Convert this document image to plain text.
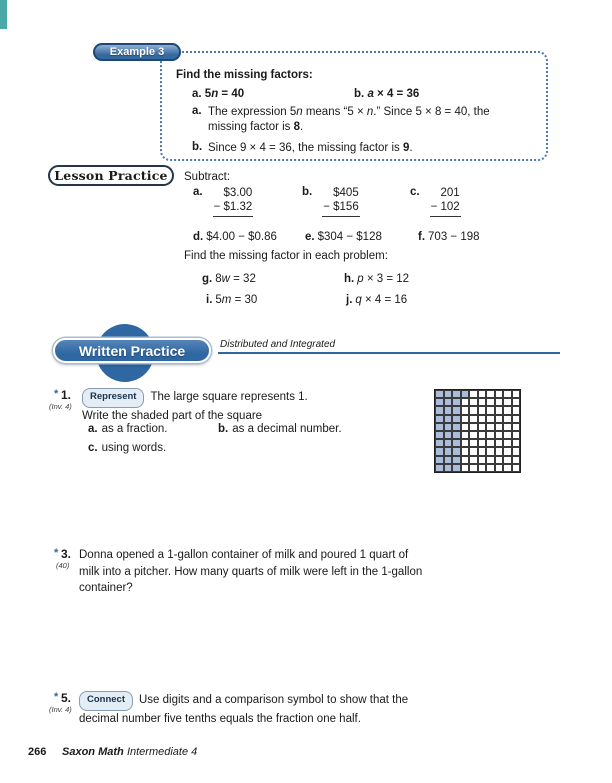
Example 3
Find the missing factors:
a. 5n = 40	b. a × 4 = 36
a. The expression 5n means “5 × n.” Since 5 × 8 = 40, the missing factor is 8.
b. Since 9 × 4 = 36, the missing factor is 9.
Lesson Practice	Subtract:
a.	$3.00
− $1.32
b.	$405
− $156
c.	201
− 102
d. $4.00 − $0.86 e. $304 − $128	f. 703 − 198
Find the missing factor in each problem:
g. 8w = 32	h. p × 3 = 12
i. 5m = 30	j. q × 4 = 16
Written Practice	Distributed and Integrated
* 1.
(Inv. 4)
Represent The large square represents 1. Write the shaded part of the square
a. as a fraction.	b. as a decimal number.
c. using words.
* 3.
(40)
Donna opened a 1-gallon container of milk and poured 1 quart of milk into a pitcher. How many quarts of milk were left in the 1-gallon container?
* 5.
(Inv. 4)
Connect Use digits and a comparison symbol to show that the decimal number five tenths equals the fraction one half.
266 Saxon Math Intermediate 4
